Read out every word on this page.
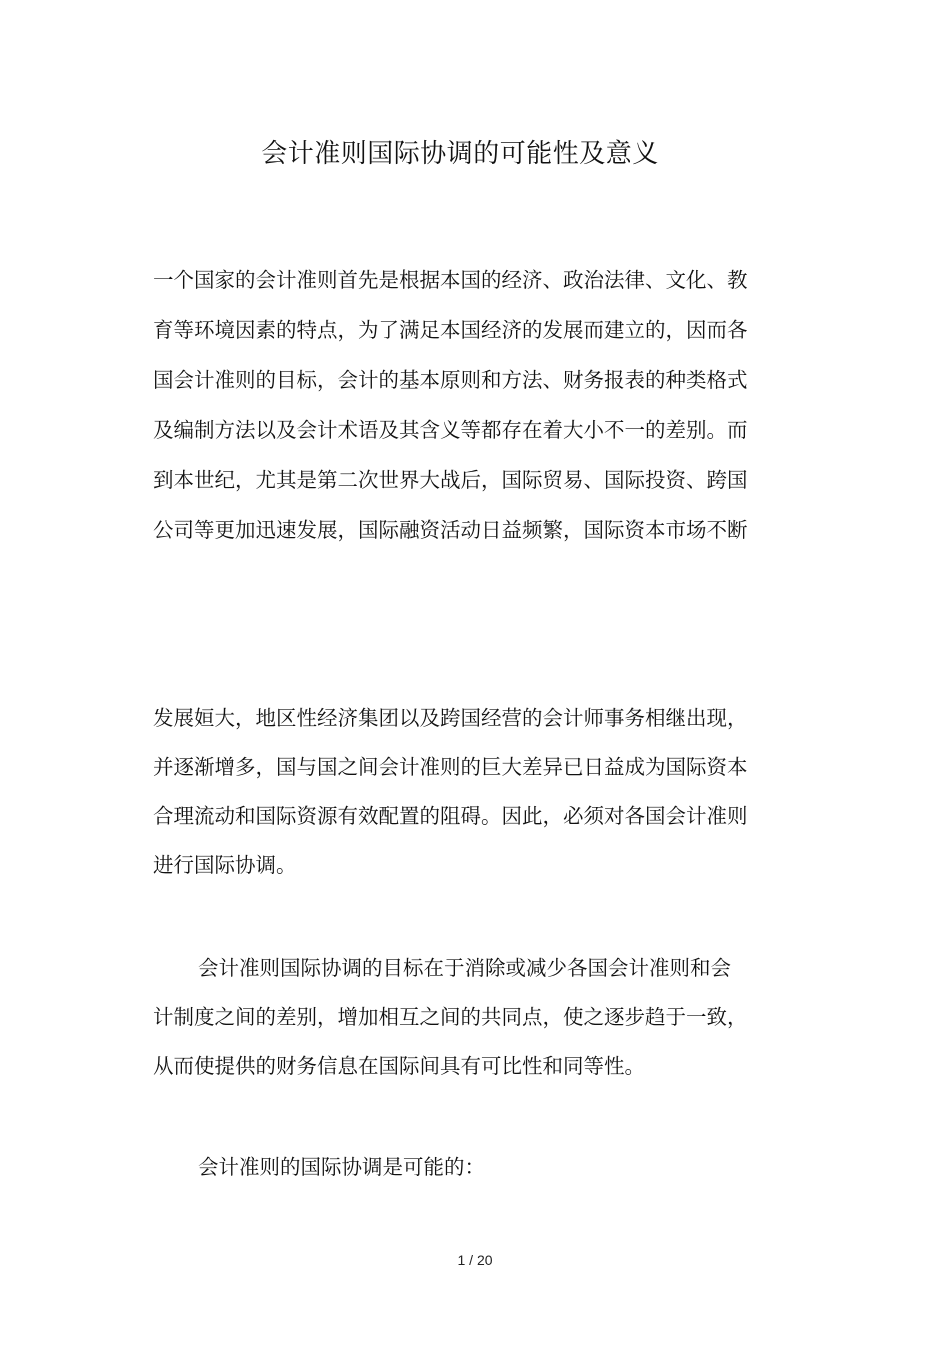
会计准则国际协调的可能性及意义
一个国家的会计准则首先是根据本国的经济、政治法律、文化、教
育等环境因素的特点，为了满足本国经济的发展而建立的，因而各
国会计准则的目标，会计的基本原则和方法、财务报表的种类格式
及编制方法以及会计术语及其含义等都存在着大小不一的差别。而
到本世纪，尤其是第二次世界大战后，国际贸易、国际投资、跨国
公司等更加迅速发展，国际融资活动日益频繁，国际资本市场不断
发展姮大，地区性经济集团以及跨国经营的会计师事务相继出现，
并逐渐增多，国与国之间会计准则的巨大差异已日益成为国际资本
合理流动和国际资源有效配置的阻碍。因此，必须对各国会计准则
进行国际协调。
会计准则国际协调的目标在于消除或减少各国会计准则和会
计制度之间的差别，增加相互之间的共同点，使之逐步趋于一致，
从而使提供的财务信息在国际间具有可比性和同等性。
会计准则的国际协调是可能的：
1 / 20
